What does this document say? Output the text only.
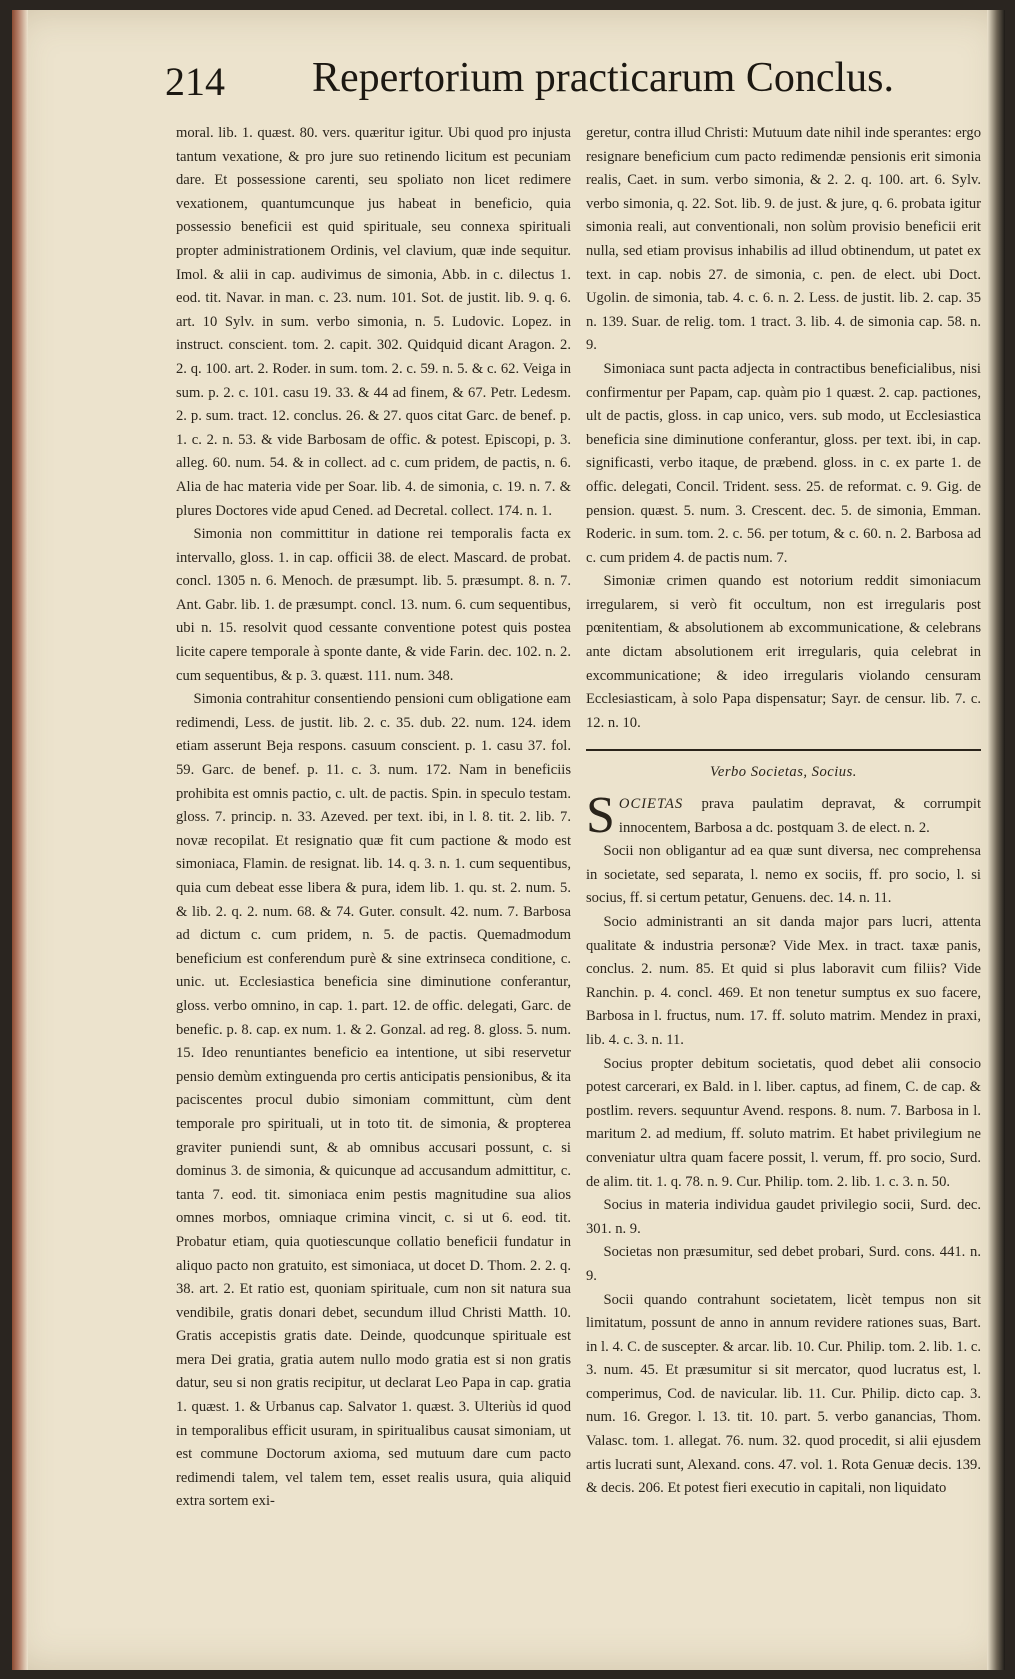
214 Repertorium practicarum Conclus.

moral. lib. 1. quæst. 80. vers. quæritur igitur. Ubi quod pro injusta tantum vexatione, & pro jure suo retinendo licitum est pecuniam dare. Et possessione carenti, seu spoliato non licet redimere vexationem, quantumcunque jus habeat in beneficio, quia possessio beneficii est quid spirituale, seu connexa spirituali propter administrationem Ordinis, vel clavium, quæ inde sequitur. Imol. & alii in cap. audivimus de simonia, Abb. in c. dilectus 1. eod. tit. Navar. in man. c. 23. num. 101. Sot. de justit. lib. 9. q. 6. art. 10 Sylv. in sum. verbo simonia, n. 5. Ludovic. Lopez. in instruct. conscient. tom. 2. capit. 302. Quidquid dicant Aragon. 2. 2. q. 100. art. 2. Roder. in sum. tom. 2. c. 59. n. 5. & c. 62. Veiga in sum. p. 2. c. 101. casu 19. 33. & 44 ad finem, & 67. Petr. Ledesm. 2. p. sum. tract. 12. conclus. 26. & 27. quos citat Garc. de benef. p. 1. c. 2. n. 53. & vide Barbosam de offic. & potest. Episcopi, p. 3. alleg. 60. num. 54. & in collect. ad c. cum pridem, de pactis, n. 6. Alia de hac materia vide per Soar. lib. 4. de simonia, c. 19. n. 7. & plures Doctores vide apud Cened. ad Decretal. collect. 174. n. 1.

Simonia non committitur in datione rei temporalis facta ex intervallo, gloss. 1. in cap. officii 38. de elect. Mascard. de probat. concl. 1305 n. 6. Menoch. de præsumpt. lib. 5. præsumpt. 8. n. 7. Ant. Gabr. lib. 1. de præsumpt. concl. 13. num. 6. cum sequentibus, ubi n. 15. resolvit quod cessante conventione potest quis postea licite capere temporale à sponte dante, & vide Farin. dec. 102. n. 2. cum sequentibus, & p. 3. quæst. 111. num. 348.

Simonia contrahitur consentiendo pensioni cum obligatione eam redimendi, Less. de justit. lib. 2. c. 35. dub. 22. num. 124. idem etiam asserunt Beja respons. casuum conscient. p. 1. casu 37. fol. 59. Garc. de benef. p. 11. c. 3. num. 172. Nam in beneficiis prohibita est omnis pactio, c. ult. de pactis. Spin. in speculo testam. gloss. 7. princip. n. 33. Azeved. per text. ibi, in l. 8. tit. 2. lib. 7. novæ recopilat. Et resignatio quæ fit cum pactione & modo est simoniaca, Flamin. de resignat. lib. 14. q. 3. n. 1. cum sequentibus, quia cum debeat esse libera & pura, idem lib. 1. qu. st. 2. num. 5. & lib. 2. q. 2. num. 68. & 74. Guter. consult. 42. num. 7. Barbosa ad dictum c. cum pridem, n. 5. de pactis. Quemadmodum beneficium est conferendum purè & sine extrinseca conditione, c. unic. ut. Ecclesiastica beneficia sine diminutione conferantur, gloss. verbo omnino, in cap. 1. part. 12. de offic. delegati, Garc. de benefic. p. 8. cap. ex num. 1. & 2. Gonzal. ad reg. 8. gloss. 5. num. 15. Ideo renuntiantes beneficio ea intentione, ut sibi reservetur pensio demùm extinguenda pro certis anticipatis pensionibus, & ita paciscentes procul dubio simoniam committunt, cùm dent temporale pro spirituali, ut in toto tit. de simonia, & propterea graviter puniendi sunt, & ab omnibus accusari possunt, c. si dominus 3. de simonia, & quicunque ad accusandum admittitur, c. tanta 7. eod. tit. simoniaca enim pestis magnitudine sua alios omnes morbos, omniaque crimina vincit, c. si ut 6. eod. tit. Probatur etiam, quia quotiescunque collatio beneficii fundatur in aliquo pacto non gratuito, est simoniaca, ut docet D. Thom. 2. 2. q. 38. art. 2. Et ratio est, quoniam spirituale, cum non sit natura sua vendibile, gratis donari debet, secundum illud Christi Matth. 10. Gratis accepistis gratis date. Deinde, quodcunque spirituale est mera Dei gratia, gratia autem nullo modo gratia est si non gratis datur, seu si non gratis recipitur, ut declarat Leo Papa in cap. gratia 1. quæst. 1. & Urbanus cap. Salvator 1. quæst. 3. Ulteriùs id quod in temporalibus efficit usuram, in spiritualibus causat simoniam, ut est commune Doctorum axioma, sed mutuum dare cum pacto redimendi talem, vel talem tem, esset realis usura, quia aliquid extra sortem exi-

geretur, contra illud Christi: Mutuum date nihil inde sperantes: ergo resignare beneficium cum pacto redimendæ pensionis erit simonia realis, Caet. in sum. verbo simonia, & 2. 2. q. 100. art. 6. Sylv. verbo simonia, q. 22. Sot. lib. 9. de just. & jure, q. 6. probata igitur simonia reali, aut conventionali, non solùm provisio beneficii erit nulla, sed etiam provisus inhabilis ad illud obtinendum, ut patet ex text. in cap. nobis 27. de simonia, c. pen. de elect. ubi Doct. Ugolin. de simonia, tab. 4. c. 6. n. 2. Less. de justit. lib. 2. cap. 35 n. 139. Suar. de relig. tom. 1 tract. 3. lib. 4. de simonia cap. 58. n. 9.

Simoniaca sunt pacta adjecta in contractibus beneficialibus, nisi confirmentur per Papam, cap. quàm pio 1 quæst. 2. cap. pactiones, ult de pactis, gloss. in cap unico, vers. sub modo, ut Ecclesiastica beneficia sine diminutione conferantur, gloss. per text. ibi, in cap. significasti, verbo itaque, de præbend. gloss. in c. ex parte 1. de offic. delegati, Concil. Trident. sess. 25. de reformat. c. 9. Gig. de pension. quæst. 5. num. 3. Crescent. dec. 5. de simonia, Emman. Roderic. in sum. tom. 2. c. 56. per totum, & c. 60. n. 2. Barbosa ad c. cum pridem 4. de pactis num. 7.

Simoniæ crimen quando est notorium reddit simoniacum irregularem, si verò fit occultum, non est irregularis post pœnitentiam, & absolutionem ab excommunicatione, & celebrans ante dictam absolutionem erit irregularis, quia celebrat in excommunicatione; & ideo irregularis violando censuram Ecclesiasticam, à solo Papa dispensatur; Sayr. de censur. lib. 7. c. 12. n. 10.

Verbo Societas, Socius.

SOCIETAS prava paulatim depravat, & corrumpit innocentem, Barbosa a dc. postquam 3. de elect. n. 2.

Socii non obligantur ad ea quæ sunt diversa, nec comprehensa in societate, sed separata, l. nemo ex sociis, ff. pro socio, l. si socius, ff. si certum petatur, Genuens. dec. 14. n. 11.

Socio administranti an sit danda major pars lucri, attenta qualitate & industria personæ? Vide Mex. in tract. taxæ panis, conclus. 2. num. 85. Et quid si plus laboravit cum filiis? Vide Ranchin. p. 4. concl. 469. Et non tenetur sumptus ex suo facere, Barbosa in l. fructus, num. 17. ff. soluto matrim. Mendez in praxi, lib. 4. c. 3. n. 11.

Socius propter debitum societatis, quod debet alii consocio potest carcerari, ex Bald. in l. liber. captus, ad finem, C. de cap. & postlim. revers. sequuntur Avend. respons. 8. num. 7. Barbosa in l. maritum 2. ad medium, ff. soluto matrim. Et habet privilegium ne conveniatur ultra quam facere possit, l. verum, ff. pro socio, Surd. de alim. tit. 1. q. 78. n. 9. Cur. Philip. tom. 2. lib. 1. c. 3. n. 50.

Socius in materia individua gaudet privilegio socii, Surd. dec. 301. n. 9.

Societas non præsumitur, sed debet probari, Surd. cons. 441. n. 9.

Socii quando contrahunt societatem, licèt tempus non sit limitatum, possunt de anno in annum revidere rationes suas, Bart. in l. 4. C. de suscepter. & arcar. lib. 10. Cur. Philip. tom. 2. lib. 1. c. 3. num. 45. Et præsumitur si sit mercator, quod lucratus est, l. comperimus, Cod. de navicular. lib. 11. Cur. Philip. dicto cap. 3. num. 16. Gregor. l. 13. tit. 10. part. 5. verbo ganancias, Thom. Valasc. tom. 1. allegat. 76. num. 32. quod procedit, si alii ejusdem artis lucrati sunt, Alexand. cons. 47. vol. 1. Rota Genuæ decis. 139. & decis. 206. Et potest fieri executio in capitali, non liquidato
